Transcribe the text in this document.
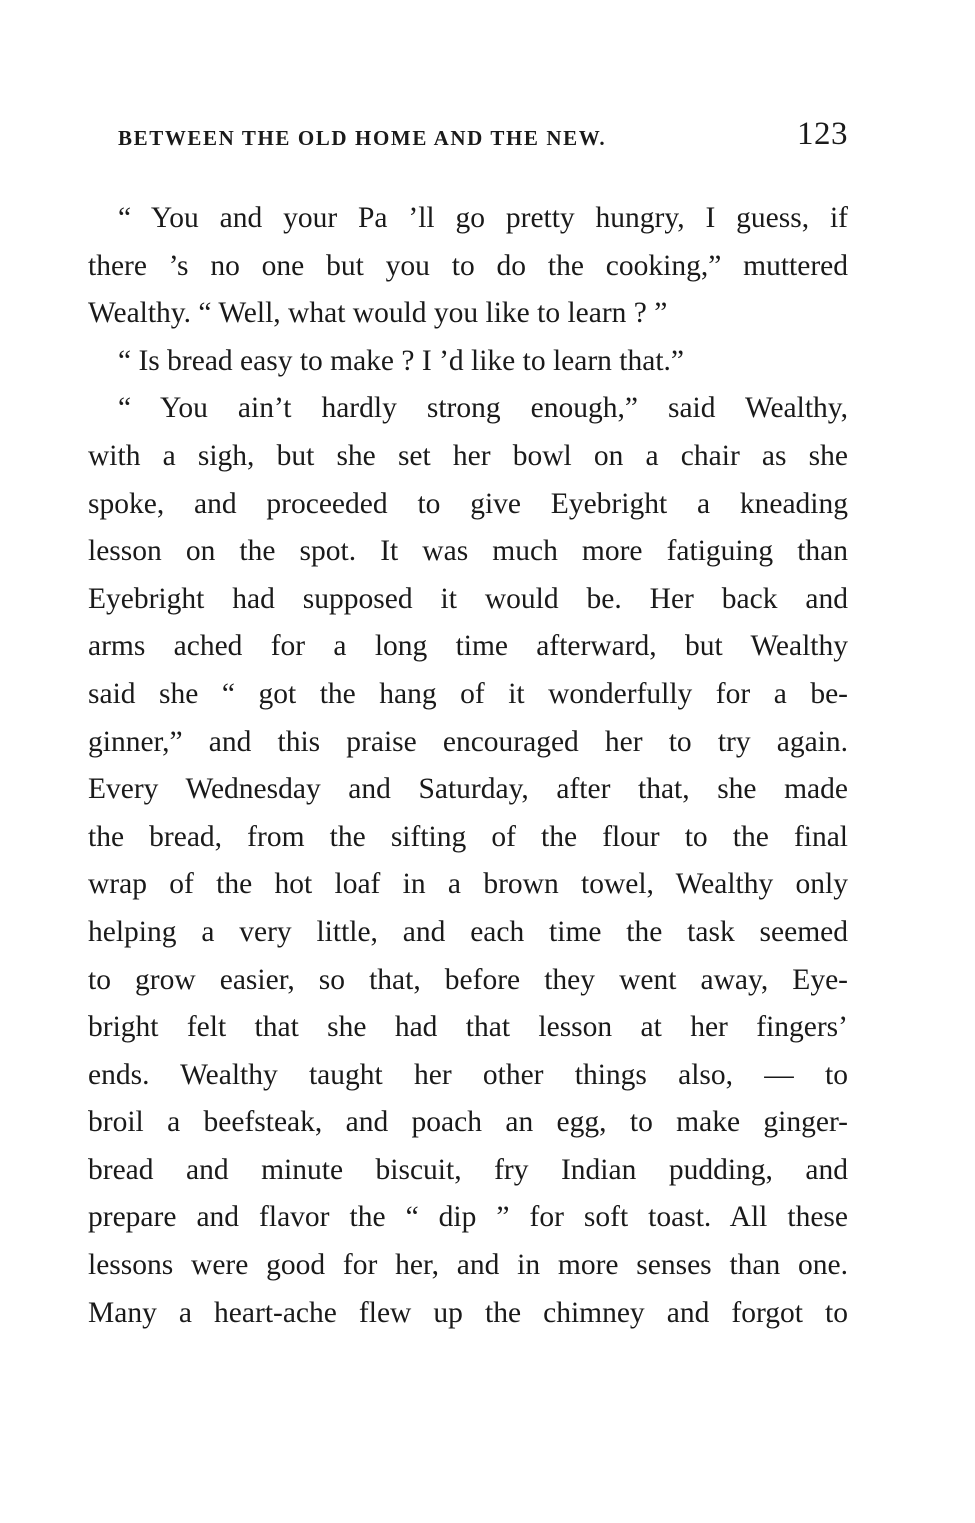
BETWEEN THE OLD HOME AND THE NEW.	123
“ You and your Pa ’ll go pretty hungry, I guess, if
there ’s no one but you to do the cooking,” muttered
Wealthy. “ Well, what would you like to learn ? ”
“ Is bread easy to make ? I ’d like to learn that.”
“ You ain’t hardly strong enough,” said Wealthy,
with a sigh, but she set her bowl on a chair as she
spoke, and proceeded to give Eyebright a kneading
lesson on the spot. It was much more fatiguing than
Eyebright had supposed it would be. Her back and
arms ached for a long time afterward, but Wealthy
said she “ got the hang of it wonderfully for a be-
ginner,” and this praise encouraged her to try again.
Every Wednesday and Saturday, after that, she made
the bread, from the sifting of the flour to the final
wrap of the hot loaf in a brown towel, Wealthy only
helping a very little, and each time the task seemed
to grow easier, so that, before they went away, Eye-
bright felt that she had that lesson at her fingers’
ends. Wealthy taught her other things also, — to
broil a beefsteak, and poach an egg, to make ginger-
bread and minute biscuit, fry Indian pudding, and
prepare and flavor the “ dip ” for soft toast. All these
lessons were good for her, and in more senses than one.
Many a heart-ache flew up the chimney and forgot to
